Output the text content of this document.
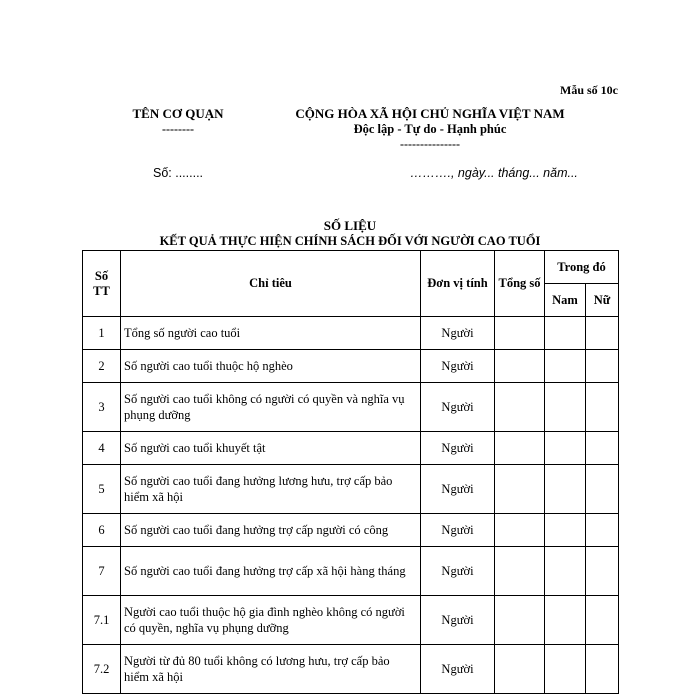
Mẫu số 10c
TÊN CƠ QUẠN
--------
CỘNG HÒA XÃ HỘI CHỦ NGHĨA VIỆT NAM
Độc lập - Tự do - Hạnh phúc
---------------
Số: ........	………., ngày... tháng... năm...
SỐ LIỆU
KẾT QUẢ THỰC HIỆN CHÍNH SÁCH ĐỐI VỚI NGƯỜI CAO TUỔI
Số TT	Chỉ tiêu	Đơn vị tính	Tổng số	Trong đó	
				Nam	Nữ
1	Tổng số người cao tuổi	Người			
2	Số người cao tuổi thuộc hộ nghèo	Người			
3	Số người cao tuổi không có người có quyền và nghĩa vụ phụng dưỡng	Người			
4	Số người cao tuổi khuyết tật	Người			
5	Số người cao tuổi đang hưởng lương hưu, trợ cấp bảo hiểm xã hội	Người			
6	Số người cao tuổi đang hưởng trợ cấp người có công	Người			
7	Số người cao tuổi đang hưởng trợ cấp xã hội hàng tháng	Người			
7.1	Người cao tuổi thuộc hộ gia đình nghèo không có người có quyền, nghĩa vụ phụng dưỡng	Người			
7.2	Người từ đủ 80 tuổi không có lương hưu, trợ cấp bảo hiểm xã hội	Người			
